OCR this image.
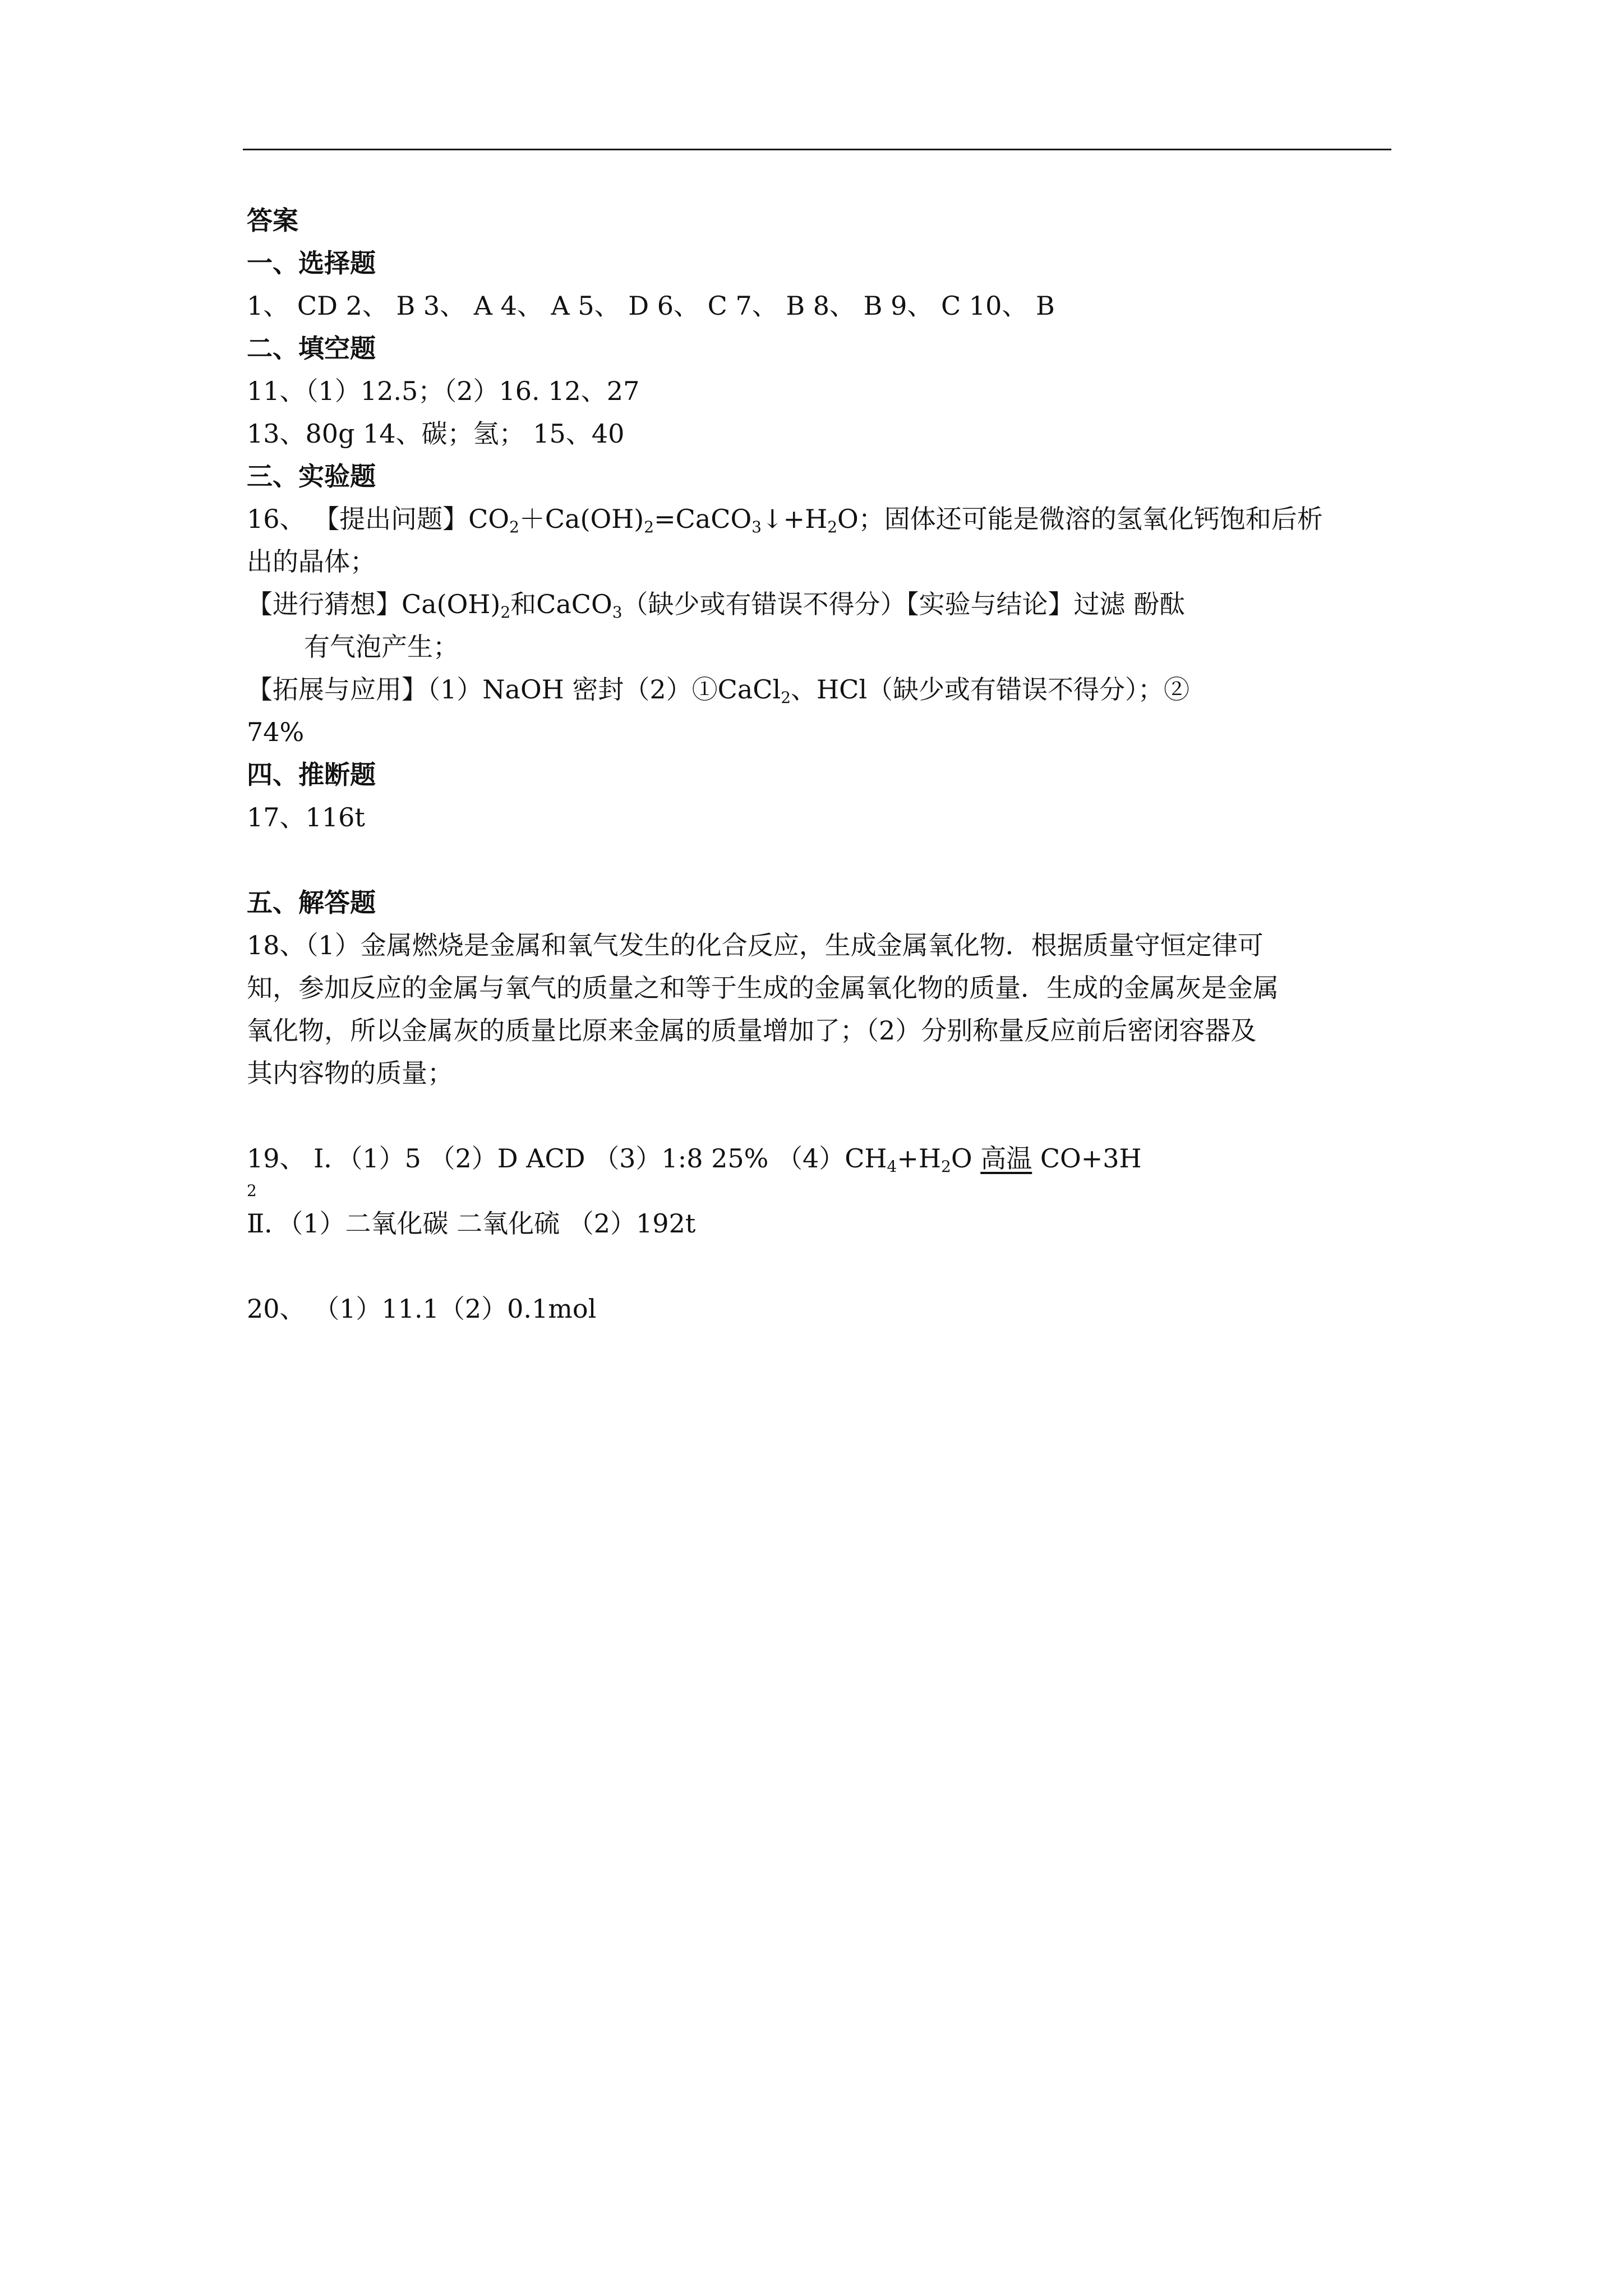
答案
一、选择题
1、 CD 2、 B 3、 A 4、 A 5、 D 6、 C 7、 B 8、 B 9、 C 10、 B
二、填空题
11、（1）12.5；（2）16. 12、27
13、80g 14、碳；氢； 15、40
三、实验题
16、 【提出问题】$CO_2+Ca(OH)_2=CaCO_3↓+H_2O$；固体还可能是微溶的氢氧化钙饱和后析
出的晶体；
【进行猜想】$Ca(OH)_2$和CaCO$_3$（缺少或有错误不得分）【实验与结论】过滤 酚酞
有气泡产生；
【拓展与应用】（1）NaOH 密封（2）①CaCl$_2$、HCl（缺少或有错误不得分）；②
74%
四、推断题
17、116t
五、解答题
18、（1）金属燃烧是金属和氧气发生的化合反应，生成金属氧化物．根据质量守恒定律可
知，参加反应的金属与氧气的质量之和等于生成的金属氧化物的质量．生成的金属灰是金属
氧化物，所以金属灰的质量比原来金属的质量增加了；（2）分别称量反应前后密闭容器及
其内容物的质量；
19、 Ⅰ．（1）5 （2）D ACD （3）1:8 25% $(4)CH_4+H_2O$ 高温 CO+3H
2
Ⅱ．（1）二氧化碳 二氧化硫 （2）192t
20、 （1）11.1（2）0.1mol
